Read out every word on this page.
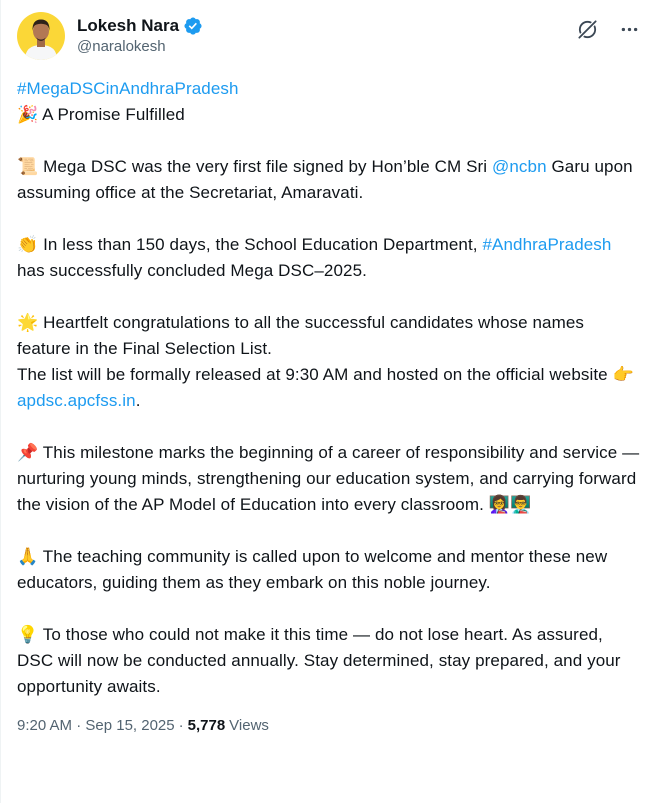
Lokesh Nara
@naralokesh

#MegaDSCinAndhraPradesh
🎉 A Promise Fulfilled

📜 Mega DSC was the very first file signed by Hon’ble CM Sri @ncbn Garu upon assuming office at the Secretariat, Amaravati.

👏 In less than 150 days, the School Education Department, #AndhraPradesh has successfully concluded Mega DSC–2025.

🌟 Heartfelt congratulations to all the successful candidates whose names feature in the Final Selection List.
The list will be formally released at 9:30 AM and hosted on the official website 👉 apdsc.apcfss.in.

📌 This milestone marks the beginning of a career of responsibility and service — nurturing young minds, strengthening our education system, and carrying forward the vision of the AP Model of Education into every classroom. 👩‍🏫👨‍🏫

🙏 The teaching community is called upon to welcome and mentor these new educators, guiding them as they embark on this noble journey.

💡 To those who could not make it this time — do not lose heart. As assured, DSC will now be conducted annually. Stay determined, stay prepared, and your opportunity awaits.

9:20 AM · Sep 15, 2025 · 5,778 Views
